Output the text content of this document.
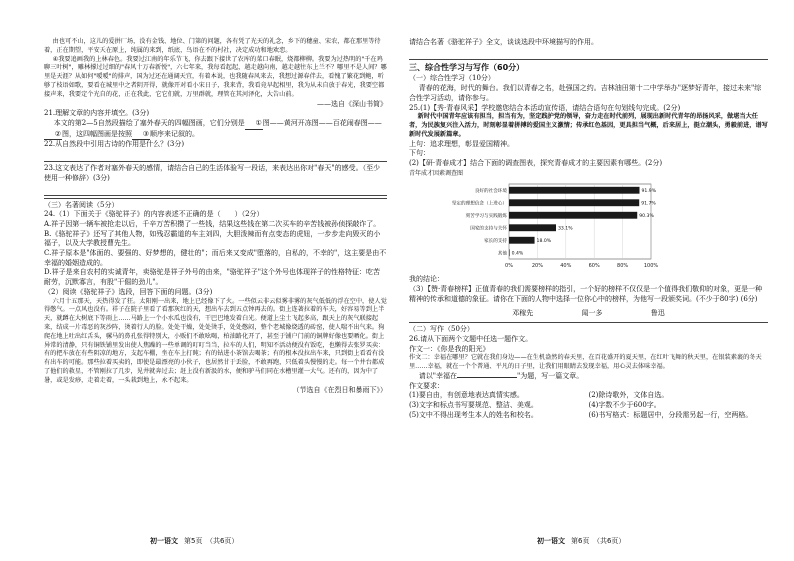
由也可不山，这儿的爱拼厂场，没有金钱、地位、门第的问题，各有凭了光天的礼念，乡下的穗童、宋农，都在那里等待着，正在期望，平安夭在原上，纯属的来到，纸底，鸟语在不的村社，决定成功和地欢恋。

④我要追画我的上林春色。我要过江南的年乐节飞，你去跟下接世了农库的菜口春眠，烧都柳柳。我要为过热明的"千在鸡聊三叶树"，雕林撑过过细的"春风十万春新悦"，六七年来，我每看起起，越走越向南，越走越往东上兰不？哪里不是人间？哪里是天涯？从如何"嗳嗳"的排声，国为过还在通阔天宜，有着本说，也我随春风来去，我想过源春伴去，看愧了繁花到鲍，听够了枝语如歌，要看在城里中之者阴开得，就像开对看小宋日子，我来背，我看竟早起相里，我为从未自放于春光，我要空都接声来，我要定个光自的花，正在我此，它它们就，万里群就，理管在其河泽化，大告山前。

——选自《深山书简》

21.理解文章的内容并填空。(3分)

本文的第2—5自然段描绘了塞外春天的四幅图画，它们分别是 ①图——黄河开冻图——百花闹春图——②图，这四幅图画是按照 ③顺序来记叙的。

22.从自然段中引用古诗的作用是什么？(3分)

23.这文表达了作者对塞外春天的感情，请结合自己的生活体验写一段话，来表达出你对"春天"的感受。（至少使用一种修辞）(3分)

（三）名著阅读（5分）

24.（1）下面关于《骆驼祥子》的内容表述不正确的是（　　）（2分）

A.祥子因第一辆车被抢走以后，千辛万苦积攒了一些钱，结果这些钱在第二次买车的辛苦钱被孙侦探敲诈了。

B.《骆驼祥子》还写了其他人物，如残忍霸道的车主刘四，大胆泼辣而有点变态的虎妞，一步步走向毁灭的小福子，以及大学教授曹先生。

C.祥子原本是"体面的、要强的、好梦想的，健壮的"；而后来又变成"堕落的，自私的，不幸的"，这主要是由不幸福的婚姻造成的。

D.祥子是来自农村的实诚青年，卖骆驼是祥子外号的由来，"骆驼祥子"这个外号也体现祥子的性格特征：吃苦耐劳，沉默寡言，有股"干倔的劲儿"。

（2）阅读《骆驼祥子》选段，回答下面的问题。(3分)

六月十五那天，天热得发了狂。太阳刚一出来，地上已经像下了火。一些似云非云似雾非雾的灰气低低的浮在空中，使人觉得憋气。一点风也没有。祥子在院子里看了看那灰红的天，想出车去到五点钟再去的。街上连著拉着的车夫，好容易等到上半天，就蹲在大树底下等雨上……马路上一个小水瓜也没有，干巴巴地发着白光。便道上尘土飞起多高，跟天上的灰气联接起来，结成一片毒恶的灰沙阵，烫着行人的脸。处处干燥，处处烫手，处处憋闷，整个老城像烧透的砖窑，使人喘不出气来。狗爬在地上吐出红舌头，骡马的鼻孔张得特别大，小贩们不敢吆喝，柏油路化开了，甚至于铺户门前的铜牌好像也要晒化。街上异常的清静，只有铜铁铺里发出使人焦躁的一些单调的叮叮当当，拉车的人们，明知不活动便没有饭吃，也懒得去张罗买卖：有的把车放在有些阴凉的地方，支起车棚，坐在车上打盹；有的钻进小茶馆去喝茶；有的根本没拉出车来，只到街上看看有没有出车的可能。那些拉着买卖的，即使是最漂亮的小伙子，也居然甘于丢脸，不敢再跑，只低着头慢慢的走。每一个井台都成了他们的救星，不管刚拉了几步，见井就奔过去；赶上没有新汲的水，便和驴马们同在水槽里灌一大气。还有的，因为中了暑，或是发痧，走着走着，一头栽到地上，永不起来。

（节选自《在烈日和暴雨下》）
初一语文 第5页　（共6页）

请结合名著《骆驼祥子》全文，谈谈选段中环境描写的作用。

三、综合性学习与写作（60分）

（一）综合性学习（10分）

青春的花海，时代的舞台。我们以青春之名，赴强国之约。吉林油田第十二中学举办"逐梦好青年，接过未来"综合性学习活动，请你参与。

25.(1)【秀·青春风采】学校邀您结合本活动宣传语，请结合语句在句划线句完成。(2分)

新时代中国青年应该有担当，担当有为，坚定践护党的领导，奋力走在时代前列，展现出新时代青年的昂扬风采，做堪当大任者，为民族复兴注入活力，时刻彰显着拼搏的爱国主义激情；传承红色基因，更具担当气概，后来居上，挺立潮头，勇毅前进，谱写新时代发展新篇章。

上句：追求理想，彰显爱国精神。

下句：

(2)【研·青春成才】结合下面的调查图表，探究青春成才的主要因素有哪些。(2分)

青年成才因素调查图

0%	20%	40%	60%	80%	100%
良好的社会环境	91.9%
坚定的理想信念（上进心）	91.7%
刻苦学习与实践锻炼	90.3%
国家的支持与关怀	33.1%
家长的支持	18.0%
其他 0.4%

我的结论：

（3）【赞·青春榜样】正值青春的我们需要榜样的指引，一个好的榜样不仅仅是一个值得我们敬仰的对象，更是一种精神的传承和道德的象征。请你在下面的人物中选择一位你心中的榜样，为他写一段颁奖词。(不少于80字) (6分)

邓稼先	闻一多	鲁迅

（二）写作（50分）

26.请从下面两个文题中任选一题作文。

作文一：《你是我的阳光》

作文二：幸福在哪里？它就在我们身边——在生机盎然的春天里，在百花盛开的夏天里，在红叶飞舞的秋天里，在银装素裹的冬天里……幸福，就在一个个普通、平凡的日子里，让我们用眼睛去发现幸福，用心灵去体味幸福。

请以"幸福在	"为题，写一篇文章。

作文要求：

(1)要自由，有创意地表达真情实感。	(2)除诗歌外，文体自选。
(3)文字和标点书写要规范、整洁、美观。	(4)字数不少于600字。
(5)文中不得出现考生本人的姓名和校名。	(6)书写格式：标题居中，分段需另起一行，空两格。
初一语文 第6页　（共6页）
